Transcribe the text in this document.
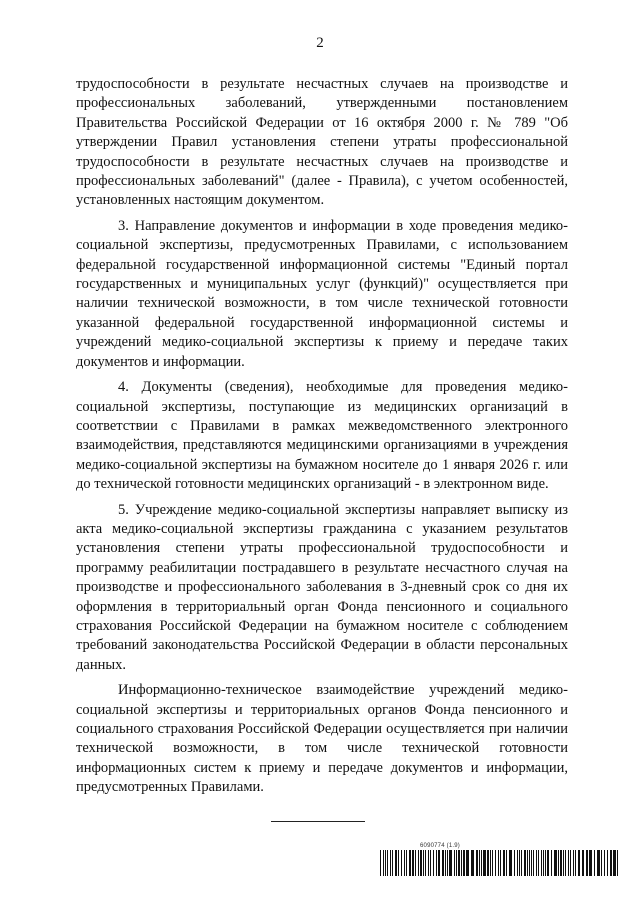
2

трудоспособности в результате несчастных случаев на производстве и профессиональных заболеваний, утвержденными постановлением Правительства Российской Федерации от 16 октября 2000 г. № 789 "Об утверждении Правил установления степени утраты профессиональной трудоспособности в результате несчастных случаев на производстве и профессиональных заболеваний" (далее - Правила), с учетом особенностей, установленных настоящим документом.

3. Направление документов и информации в ходе проведения медико-социальной экспертизы, предусмотренных Правилами, с использованием федеральной государственной информационной системы "Единый портал государственных и муниципальных услуг (функций)" осуществляется при наличии технической возможности, в том числе технической готовности указанной федеральной государственной информационной системы и учреждений медико-социальной экспертизы к приему и передаче таких документов и информации.

4. Документы (сведения), необходимые для проведения медико-социальной экспертизы, поступающие из медицинских организаций в соответствии с Правилами в рамках межведомственного электронного взаимодействия, представляются медицинскими организациями в учреждения медико-социальной экспертизы на бумажном носителе до 1 января 2026 г. или до технической готовности медицинских организаций - в электронном виде.

5. Учреждение медико-социальной экспертизы направляет выписку из акта медико-социальной экспертизы гражданина с указанием результатов установления степени утраты профессиональной трудоспособности и программу реабилитации пострадавшего в результате несчастного случая на производстве и профессионального заболевания в 3-дневный срок со дня их оформления в территориальный орган Фонда пенсионного и социального страхования Российской Федерации на бумажном носителе с соблюдением требований законодательства Российской Федерации в области персональных данных.

Информационно-техническое взаимодействие учреждений медико-социальной экспертизы и территориальных органов Фонда пенсионного и социального страхования Российской Федерации осуществляется при наличии технической возможности, в том числе технической готовности информационных систем к приему и передаче документов и информации, предусмотренных Правилами.

6090774 (1.9)
